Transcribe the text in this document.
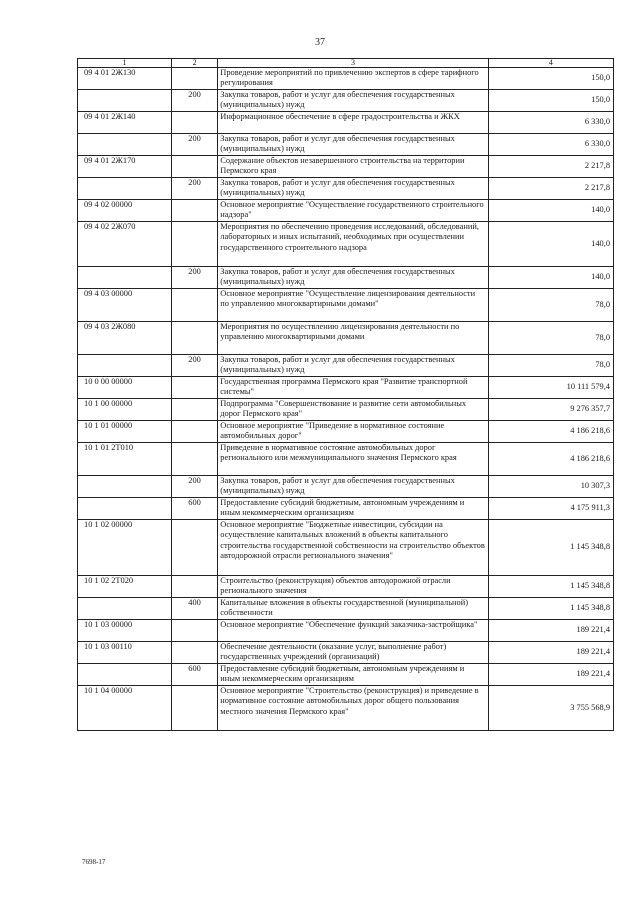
37
1	2	3	4
09 4 01 2Ж130		Проведение мероприятий по привлечению экспертов в сфере тарифного регулирования	150,0
	200	Закупка товаров, работ и услуг для обеспечения государственных (муниципальных) нужд	150,0
09 4 01 2Ж140		Информационное обеспечение в сфере градостроительства и ЖКХ	6 330,0
	200	Закупка товаров, работ и услуг для обеспечения государственных (муниципальных) нужд	6 330,0
09 4 01 2Ж170		Содержание объектов незавершенного строительства на территории Пермского края	2 217,8
	200	Закупка товаров, работ и услуг для обеспечения государственных (муниципальных) нужд	2 217,8
09 4 02 00000		Основное мероприятие "Осуществление государственного строительного надзора"	140,0
09 4 02 2Ж070		Мероприятия по обеспечению проведения исследований, обследований, лабораторных и иных испытаний, необходимых при осуществлении государственного строительного надзора	140,0
	200	Закупка товаров, работ и услуг для обеспечения государственных (муниципальных) нужд	140,0
09 4 03 00000		Основное мероприятие "Осуществление лицензирования деятельности по управлению многоквартирными домами"	78,0
09 4 03 2Ж080		Мероприятия по осуществлению лицензирования деятельности по управлению многоквартирными домами	78,0
	200	Закупка товаров, работ и услуг для обеспечения государственных (муниципальных) нужд	78,0
10 0 00 00000		Государственная программа Пермского края "Развитие транспортной системы"	10 111 579,4
10 1 00 00000		Подпрограмма "Совершенствование и развитие сети автомобильных дорог Пермского края"	9 276 357,7
10 1 01 00000		Основное мероприятие "Приведение в нормативное состояние автомобильных дорог"	4 186 218,6
10 1 01 2Т010		Приведение в нормативное состояние автомобильных дорог регионального или межмуниципального значения Пермского края	4 186 218,6
	200	Закупка товаров, работ и услуг для обеспечения государственных (муниципальных) нужд	10 307,3
	600	Предоставление субсидий бюджетным, автономным учреждениям и иным некоммерческим организациям	4 175 911,3
10 1 02 00000		Основное мероприятие "Бюджетные инвестиции, субсидии на осуществление капитальных вложений в объекты капитального строительства государственной собственности на строительство объектов автодорожной отрасли регионального значения"	1 145 348,8
10 1 02 2Т020		Строительство (реконструкция) объектов автодорожной отрасли регионального значения	1 145 348,8
	400	Капитальные вложения в объекты государственной (муниципальной) собственности	1 145 348,8
10 1 03 00000		Основное мероприятие "Обеспечение функций заказчика-застройщика"	189 221,4
10 1 03 00110		Обеспечение деятельности (оказание услуг, выполнение работ) государственных учреждений (организаций)	189 221,4
	600	Предоставление субсидий бюджетным, автономным учреждениям и иным некоммерческим организациям	189 221,4
10 1 04 00000		Основное мероприятие "Строительство (реконструкция) и приведение в нормативное состояние автомобильных дорог общего пользования местного значения Пермского края"	3 755 568,9
7698-17
